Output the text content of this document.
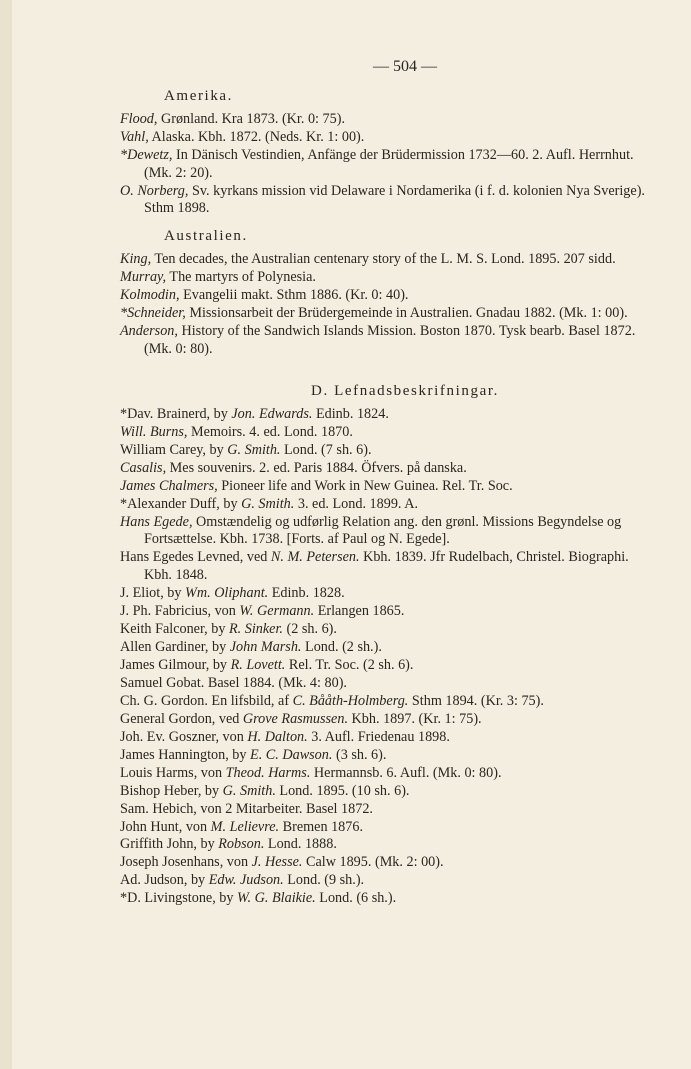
— 504 —
Amerika.
Flood, Grønland. Kra 1873. (Kr. 0: 75).
Vahl, Alaska. Kbh. 1872. (Neds. Kr. 1: 00).
*Dewetz, In Dänisch Vestindien, Anfänge der Brüdermission 1732—60. 2. Aufl. Herrnhut. (Mk. 2: 20).
O. Norberg, Sv. kyrkans mission vid Delaware i Nordamerika (i f. d. kolonien Nya Sverige). Sthm 1898.
Australien.
King, Ten decades, the Australian centenary story of the L. M. S. Lond. 1895. 207 sidd.
Murray, The martyrs of Polynesia.
Kolmodin, Evangelii makt. Sthm 1886. (Kr. 0: 40).
*Schneider, Missionsarbeit der Brüdergemeinde in Australien. Gnadau 1882. (Mk. 1: 00).
Anderson, History of the Sandwich Islands Mission. Boston 1870. Tysk bearb. Basel 1872. (Mk. 0: 80).
D. Lefnadsbeskrifningar.
*Dav. Brainerd, by Jon. Edwards. Edinb. 1824.
Will. Burns, Memoirs. 4. ed. Lond. 1870.
William Carey, by G. Smith. Lond. (7 sh. 6).
Casalis, Mes souvenirs. 2. ed. Paris 1884. Öfvers. på danska.
James Chalmers, Pioneer life and Work in New Guinea. Rel. Tr. Soc.
*Alexander Duff, by G. Smith. 3. ed. Lond. 1899. A.
Hans Egede, Omstændelig og udførlig Relation ang. den grønl. Missions Begyndelse og Fortsættelse. Kbh. 1738. [Forts. af Paul og N. Egede].
Hans Egedes Levned, ved N. M. Petersen. Kbh. 1839. Jfr Rudelbach, Christel. Biographi. Kbh. 1848.
J. Eliot, by Wm. Oliphant. Edinb. 1828.
J. Ph. Fabricius, von W. Germann. Erlangen 1865.
Keith Falconer, by R. Sinker. (2 sh. 6).
Allen Gardiner, by John Marsh. Lond. (2 sh.).
James Gilmour, by R. Lovett. Rel. Tr. Soc. (2 sh. 6).
Samuel Gobat. Basel 1884. (Mk. 4: 80).
Ch. G. Gordon. En lifsbild, af C. Bååth-Holmberg. Sthm 1894. (Kr. 3: 75).
General Gordon, ved Grove Rasmussen. Kbh. 1897. (Kr. 1: 75).
Joh. Ev. Goszner, von H. Dalton. 3. Aufl. Friedenau 1898.
James Hannington, by E. C. Dawson. (3 sh. 6).
Louis Harms, von Theod. Harms. Hermannsb. 6. Aufl. (Mk. 0: 80).
Bishop Heber, by G. Smith. Lond. 1895. (10 sh. 6).
Sam. Hebich, von 2 Mitarbeiter. Basel 1872.
John Hunt, von M. Lelievre. Bremen 1876.
Griffith John, by Robson. Lond. 1888.
Joseph Josenhans, von J. Hesse. Calw 1895. (Mk. 2: 00).
Ad. Judson, by Edw. Judson. Lond. (9 sh.).
*D. Livingstone, by W. G. Blaikie. Lond. (6 sh.).
